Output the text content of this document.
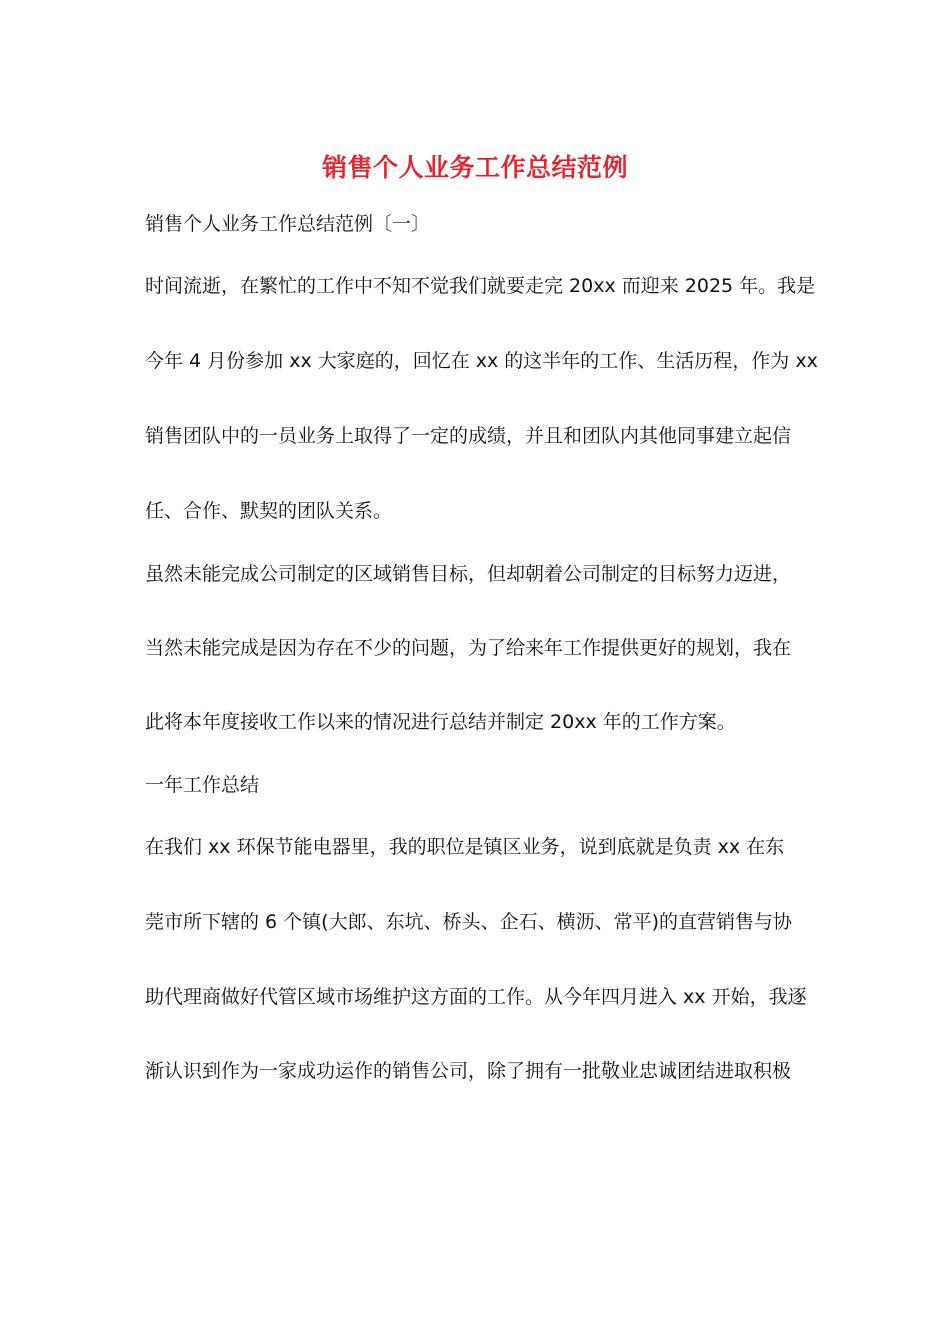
销售个人业务工作总结范例
销售个人业务工作总结范例〔一〕
时间流逝，在繁忙的工作中不知不觉我们就要走完 20xx 而迎来 2025 年。我是
今年 4 月份参加 xx 大家庭的，回忆在 xx 的这半年的工作、生活历程，作为 xx
销售团队中的一员业务上取得了一定的成绩，并且和团队内其他同事建立起信
任、合作、默契的团队关系。
虽然未能完成公司制定的区域销售目标，但却朝着公司制定的目标努力迈进，
当然未能完成是因为存在不少的问题，为了给来年工作提供更好的规划，我在
此将本年度接收工作以来的情况进行总结并制定 20xx 年的工作方案。
一年工作总结
在我们 xx 环保节能电器里，我的职位是镇区业务，说到底就是负责 xx 在东
莞市所下辖的 6 个镇(大郎、东坑、桥头、企石、横沥、常平)的直营销售与协
助代理商做好代管区域市场维护这方面的工作。从今年四月进入 xx 开始，我逐
渐认识到作为一家成功运作的销售公司，除了拥有一批敬业忠诚团结进取积极
